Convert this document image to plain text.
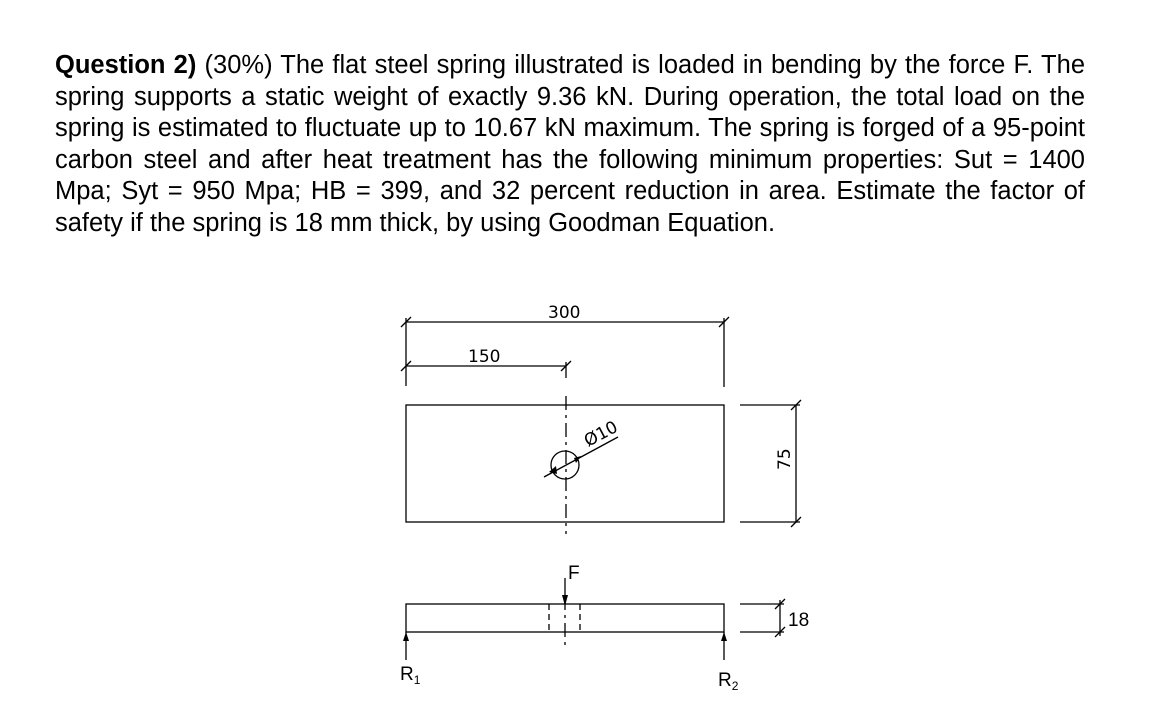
Question 2) (30%) The flat steel spring illustrated is loaded in bending by the force F. The spring supports a static weight of exactly 9.36 kN. During operation, the total load on the spring is estimated to fluctuate up to 10.67 kN maximum. The spring is forged of a 95-point carbon steel and after heat treatment has the following minimum properties: Sut = 1400 Mpa; Syt = 950 Mpa; HB = 399, and 32 percent reduction in area. Estimate the factor of safety if the spring is 18 mm thick, by using Goodman Equation.

300
150
Ø10
75
18
F
$R_1$	$R_2$
